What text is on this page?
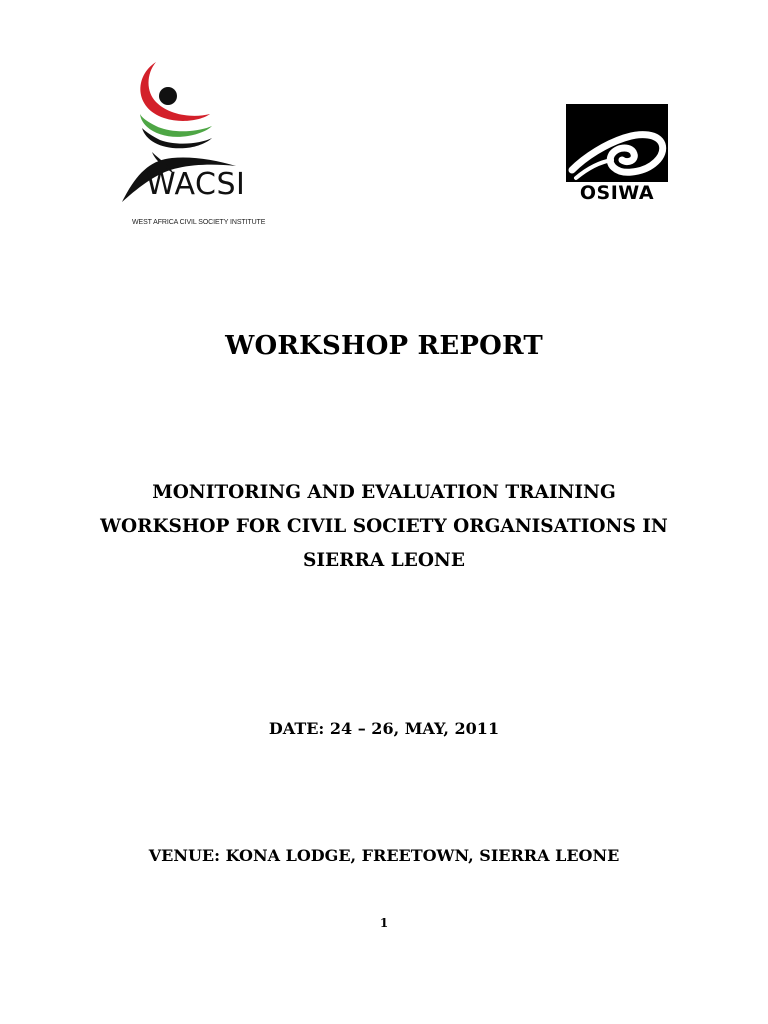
WACSI
WEST AFRICA CIVIL SOCIETY INSTITUTE
OSIWA
WORKSHOP REPORT
MONITORING AND EVALUATION TRAINING
WORKSHOP FOR CIVIL SOCIETY ORGANISATIONS IN
SIERRA LEONE
DATE: 24 – 26, MAY, 2011
VENUE: KONA LODGE, FREETOWN, SIERRA LEONE
1
